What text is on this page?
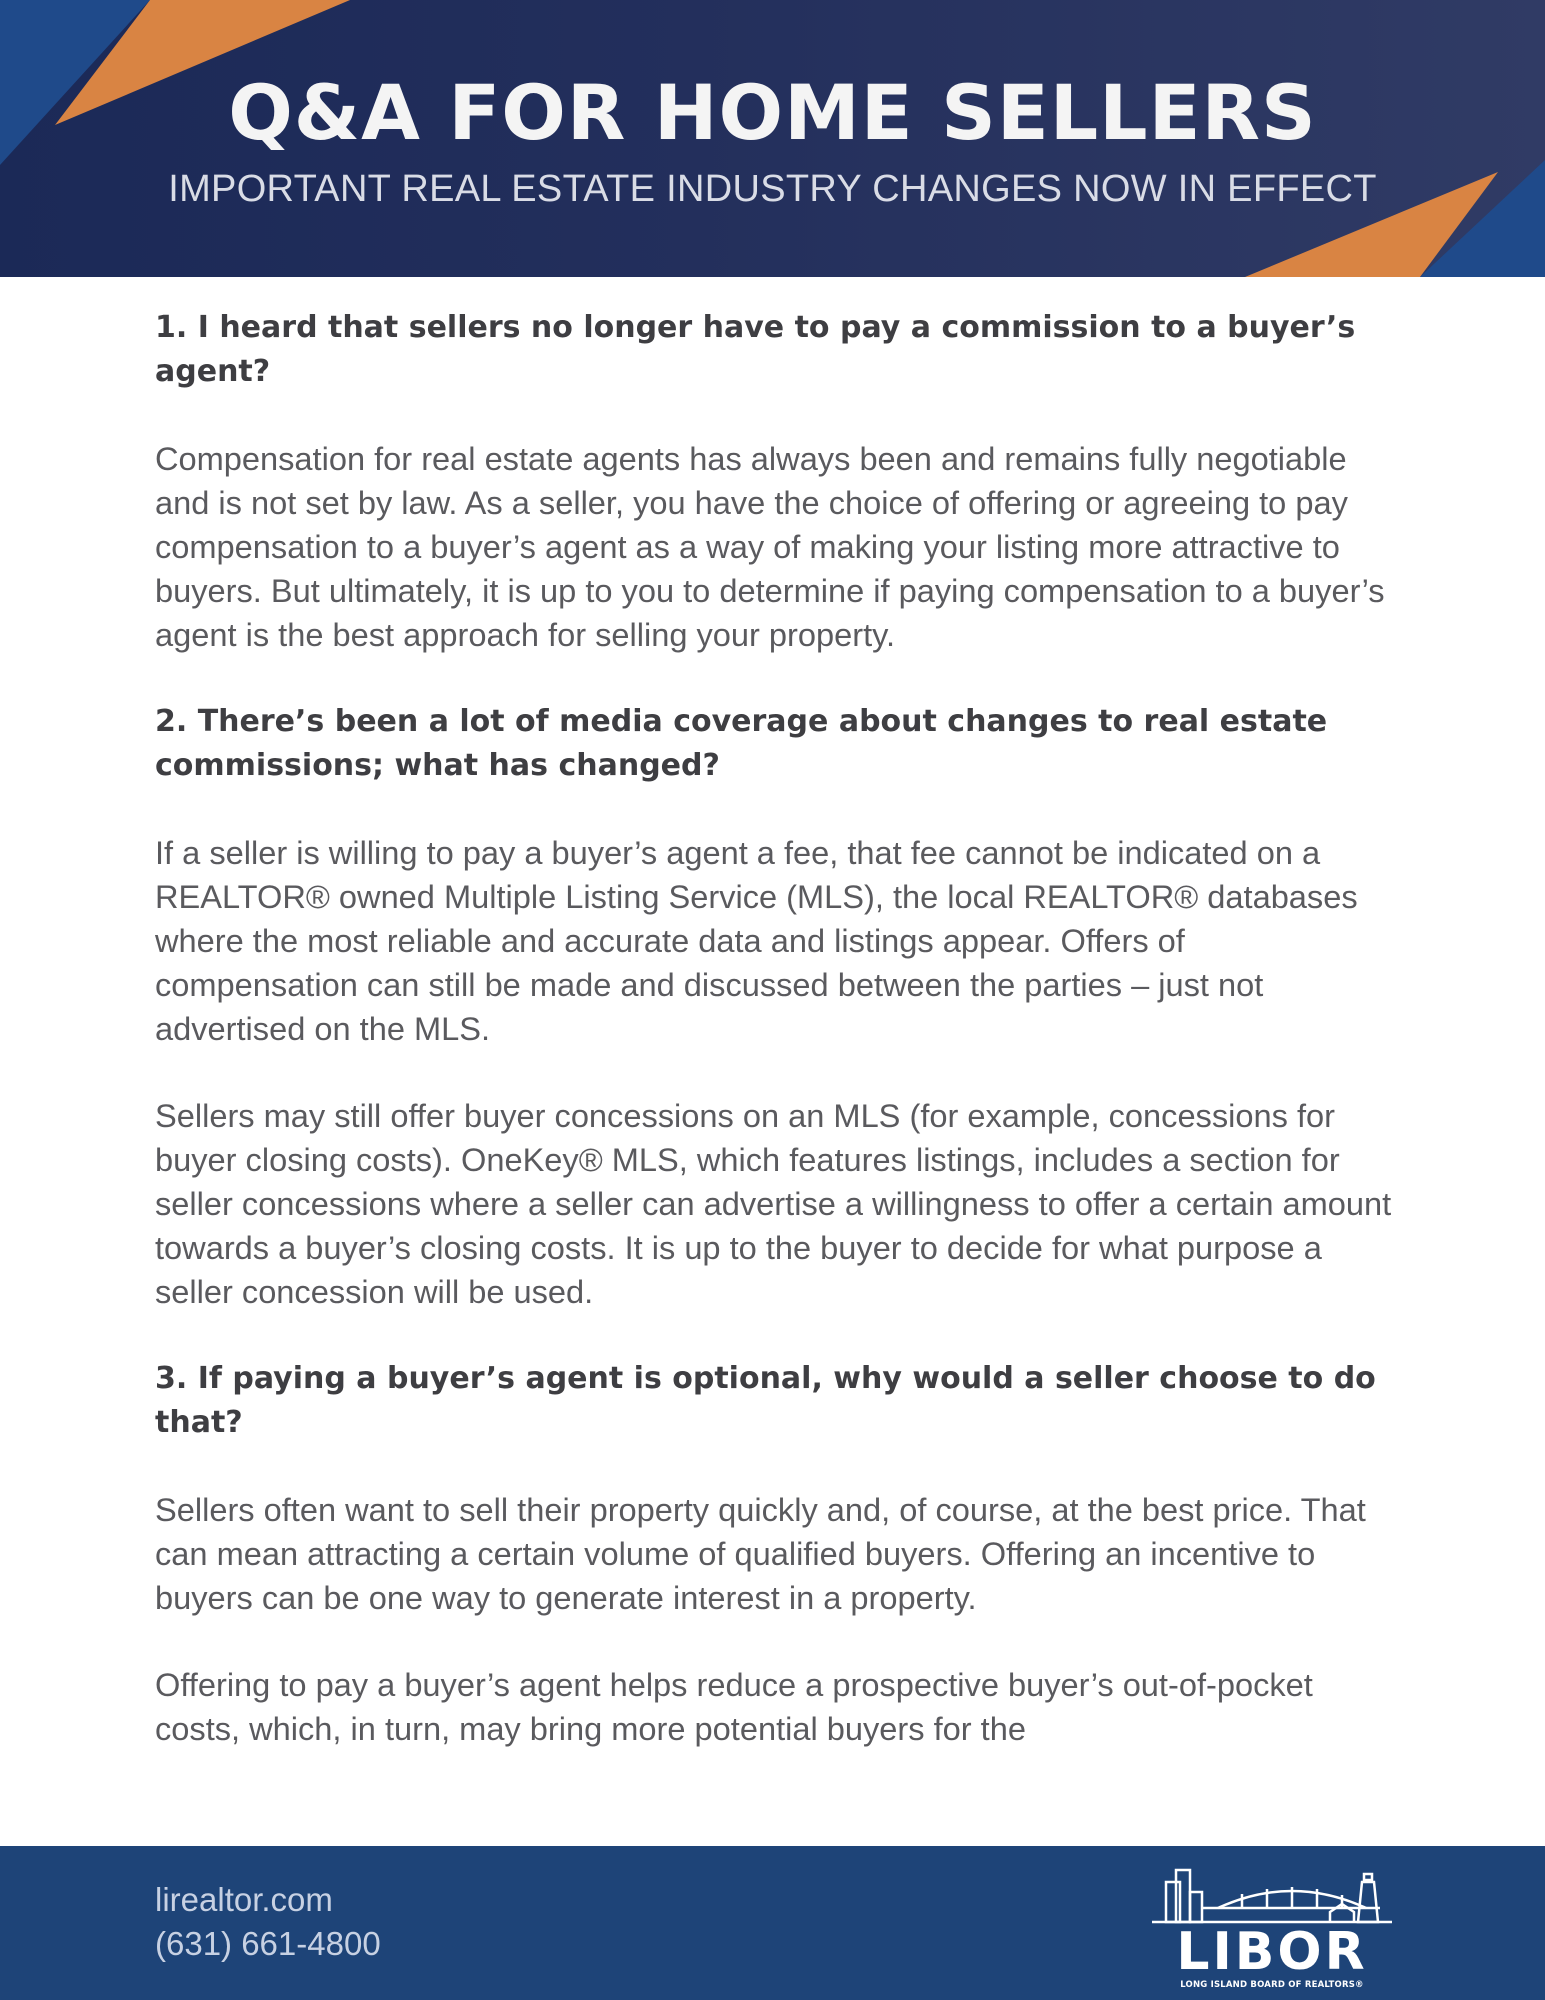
Q&A FOR HOME SELLERS
IMPORTANT REAL ESTATE INDUSTRY CHANGES NOW IN EFFECT

1. I heard that sellers no longer have to pay a commission to a buyer’s agent?

Compensation for real estate agents has always been and remains fully negotiable and is not set by law. As a seller, you have the choice of offering or agreeing to pay compensation to a buyer’s agent as a way of making your listing more attractive to buyers. But ultimately, it is up to you to determine if paying compensation to a buyer’s agent is the best approach for selling your property.

2. There’s been a lot of media coverage about changes to real estate commissions; what has changed?

If a seller is willing to pay a buyer’s agent a fee, that fee cannot be indicated on a REALTOR® owned Multiple Listing Service (MLS), the local REALTOR® databases where the most reliable and accurate data and listings appear. Offers of compensation can still be made and discussed between the parties – just not advertised on the MLS.

Sellers may still offer buyer concessions on an MLS (for example, concessions for buyer closing costs). OneKey® MLS, which features listings, includes a section for seller concessions where a seller can advertise a willingness to offer a certain amount towards a buyer’s closing costs. It is up to the buyer to decide for what purpose a seller concession will be used.

3. If paying a buyer’s agent is optional, why would a seller choose to do that?

Sellers often want to sell their property quickly and, of course, at the best price. That can mean attracting a certain volume of qualified buyers. Offering an incentive to buyers can be one way to generate interest in a property.

Offering to pay a buyer’s agent helps reduce a prospective buyer’s out-of-pocket costs, which, in turn, may bring more potential buyers for the

lirealtor.com
(631) 661-4800	LIBOR
LONG ISLAND BOARD OF REALTORS®
